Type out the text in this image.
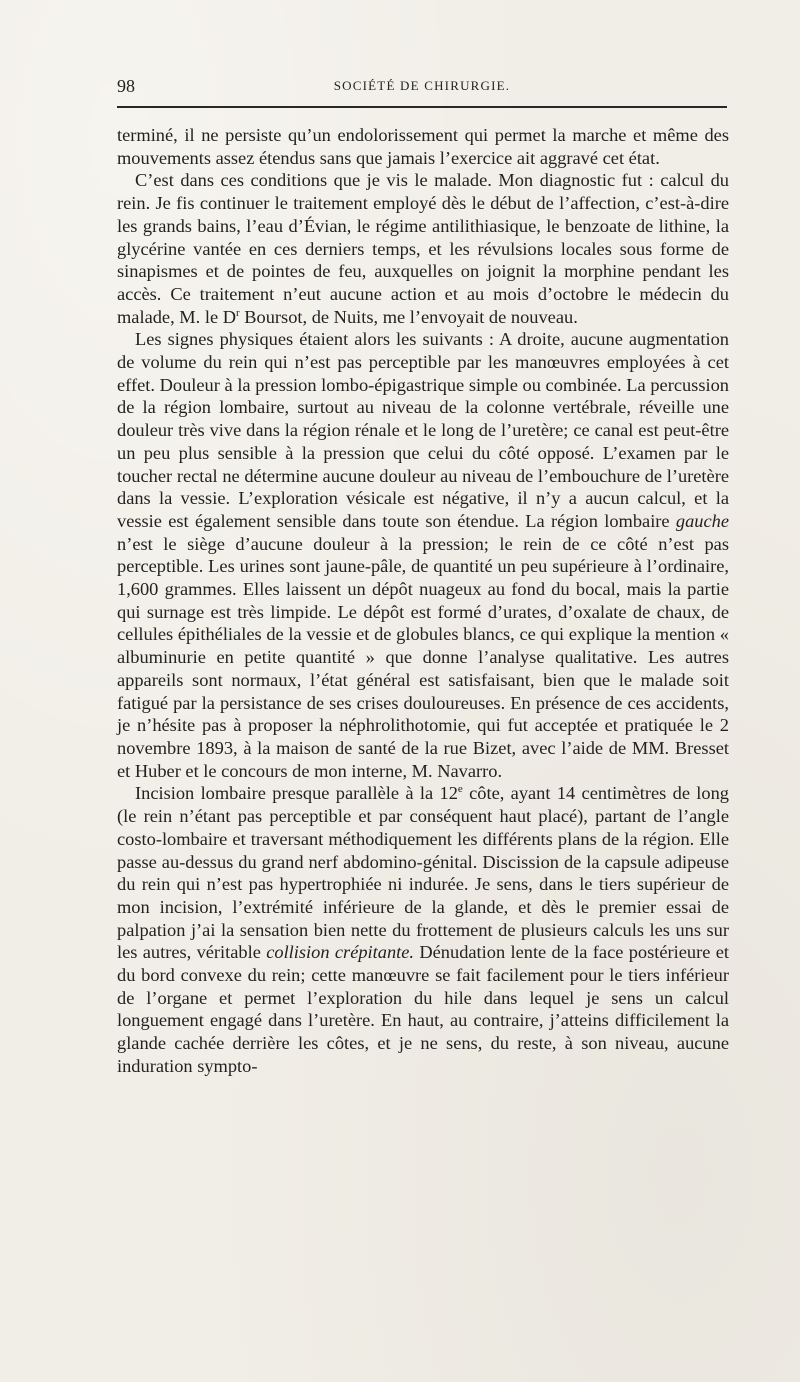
98	SOCIÉTÉ DE CHIRURGIE.

terminé, il ne persiste qu’un endolorissement qui permet la marche et même des mouvements assez étendus sans que jamais l’exercice ait aggravé cet état.

C’est dans ces conditions que je vis le malade. Mon diagnostic fut : calcul du rein. Je fis continuer le traitement employé dès le début de l’affection, c’est-à-dire les grands bains, l’eau d’Évian, le régime antilithiasique, le benzoate de lithine, la glycérine vantée en ces derniers temps, et les révulsions locales sous forme de sinapismes et de pointes de feu, auxquelles on joignit la morphine pendant les accès. Ce traitement n’eut aucune action et au mois d’octobre le médecin du malade, M. le $D^r$ Boursot, de Nuits, me l’envoyait de nouveau.

Les signes physiques étaient alors les suivants : A droite, aucune augmentation de volume du rein qui n’est pas perceptible par les manœuvres employées à cet effet. Douleur à la pression lombo-épigastrique simple ou combinée. La percussion de la région lombaire, surtout au niveau de la colonne vertébrale, réveille une douleur très vive dans la région rénale et le long de l’uretère; ce canal est peut-être un peu plus sensible à la pression que celui du côté opposé. L’examen par le toucher rectal ne détermine aucune douleur au niveau de l’embouchure de l’uretère dans la vessie. L’exploration vésicale est négative, il n’y a aucun calcul, et la vessie est également sensible dans toute son étendue. La région lombaire gauche n’est le siège d’aucune douleur à la pression; le rein de ce côté n’est pas perceptible. Les urines sont jaune-pâle, de quantité un peu supérieure à l’ordinaire, 1,600 grammes. Elles laissent un dépôt nuageux au fond du bocal, mais la partie qui surnage est très limpide. Le dépôt est formé d’urates, d’oxalate de chaux, de cellules épithéliales de la vessie et de globules blancs, ce qui explique la mention « albuminurie en petite quantité » que donne l’analyse qualitative. Les autres appareils sont normaux, l’état général est satisfaisant, bien que le malade soit fatigué par la persistance de ses crises douloureuses. En présence de ces accidents, je n’hésite pas à proposer la néphrolithotomie, qui fut acceptée et pratiquée le 2 novembre 1893, à la maison de santé de la rue Bizet, avec l’aide de MM. Bresset et Huber et le concours de mon interne, M. Navarro.

Incision lombaire presque parallèle à la 12e côte, ayant 14 centimètres de long (le rein n’étant pas perceptible et par conséquent haut placé), partant de l’angle costo-lombaire et traversant méthodiquement les différents plans de la région. Elle passe au-dessus du grand nerf abdomino-génital. Discission de la capsule adipeuse du rein qui n’est pas hypertrophiée ni indurée. Je sens, dans le tiers supérieur de mon incision, l’extrémité inférieure de la glande, et dès le premier essai de palpation j’ai la sensation bien nette du frottement de plusieurs calculs les uns sur les autres, véritable collision crépitante. Dénudation lente de la face postérieure et du bord convexe du rein; cette manœuvre se fait facilement pour le tiers inférieur de l’organe et permet l’exploration du hile dans lequel je sens un calcul longuement engagé dans l’uretère. En haut, au contraire, j’atteins difficilement la glande cachée derrière les côtes, et je ne sens, du reste, à son niveau, aucune induration sympto-
